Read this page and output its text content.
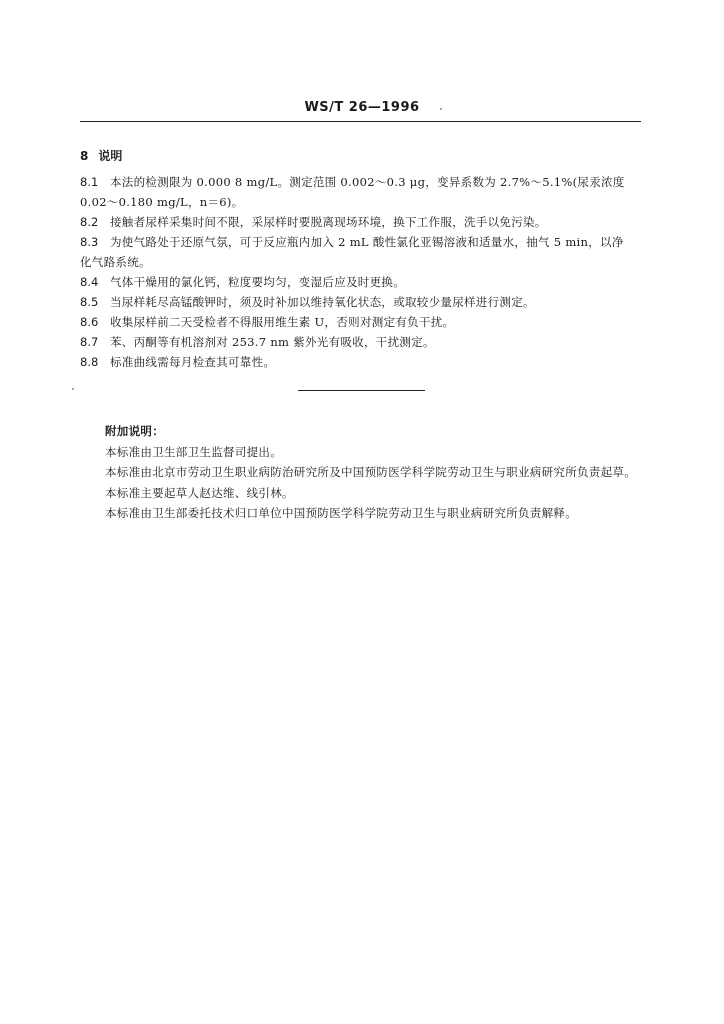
WS/T 26—1996
8 说明
8.1	本法的检测限为 0.000 8 mg/L。测定范围 0.002～0.3 μg，变异系数为 2.7%～5.1%(尿汞浓度
0.02～0.180 mg/L，n＝6)。
8.2	接触者尿样采集时间不限，采尿样时要脱离现场环境，换下工作服，洗手以免污染。
8.3	为使气路处于还原气氛，可于反应瓶内加入 2 mL 酸性氯化亚锡溶液和适量水，抽气 5 min，以净
化气路系统。
8.4	气体干燥用的氯化钙，粒度要均匀，变湿后应及时更换。
8.5	当尿样耗尽高锰酸钾时，须及时补加以维持氧化状态，或取较少量尿样进行测定。
8.6	收集尿样前二天受检者不得服用维生素 U，否则对测定有负干扰。
8.7	苯、丙酮等有机溶剂对 253.7 nm 紫外光有吸收，干扰测定。
8.8	标准曲线需每月检查其可靠性。
附加说明：

本标准由卫生部卫生监督司提出。

本标准由北京市劳动卫生职业病防治研究所及中国预防医学科学院劳动卫生与职业病研究所负责起草。

本标准主要起草人赵达维、线引林。

本标准由卫生部委托技术归口单位中国预防医学科学院劳动卫生与职业病研究所负责解释。
